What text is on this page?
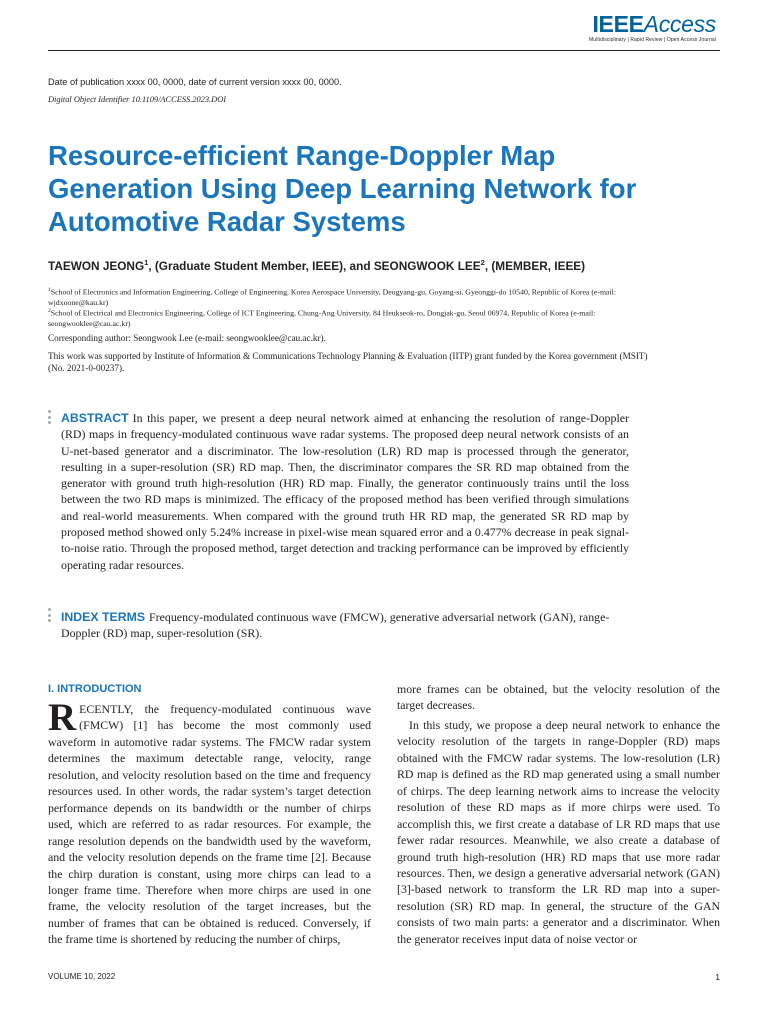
IEEEAccess
Multidisciplinary | Rapid Review | Open Access Journal
Date of publication xxxx 00, 0000, date of current version xxxx 00, 0000.
Digital Object Identifier 10.1109/ACCESS.2023.DOI
Resource-efficient Range-Doppler Map Generation Using Deep Learning Network for Automotive Radar Systems
TAEWON JEONG$^1$, (Graduate Student Member, IEEE), and SEONGWOOK LEE$^2$, (MEMBER, IEEE)
$^1$School of Electronics and Information Engineering, College of Engineering, Korea Aerospace University, Deogyang-gu, Goyang-si, Gyeonggi-do 10540, Republic of Korea (e-mail: wjdxoone@kau.kr)
$^2$School of Electrical and Electronics Engineering, College of ICT Engineering, Chung-Ang University, 84 Heukseok-ro, Dongjak-gu, Seoul 06974, Republic of Korea (e-mail: seongwooklee@cau.ac.kr)
Corresponding author: Seongwook Lee (e-mail: seongwooklee@cau.ac.kr).
This work was supported by Institute of Information & Communications Technology Planning & Evaluation (IITP) grant funded by the Korea government (MSIT) (No. 2021-0-00237).
ABSTRACT In this paper, we present a deep neural network aimed at enhancing the resolution of range-Doppler (RD) maps in frequency-modulated continuous wave radar systems. The proposed deep neural network consists of an U-net-based generator and a discriminator. The low-resolution (LR) RD map is processed through the generator, resulting in a super-resolution (SR) RD map. Then, the discriminator compares the SR RD map obtained from the generator with ground truth high-resolution (HR) RD map. Finally, the generator continuously trains until the loss between the two RD maps is minimized. The efficacy of the proposed method has been verified through simulations and real-world measurements. When compared with the ground truth HR RD map, the generated SR RD map by proposed method showed only 5.24% increase in pixel-wise mean squared error and a 0.477% decrease in peak signal-to-noise ratio. Through the proposed method, target detection and tracking performance can be improved by efficiently operating radar resources.
INDEX TERMS Frequency-modulated continuous wave (FMCW), generative adversarial network (GAN), range-Doppler (RD) map, super-resolution (SR).
I. INTRODUCTION

RECENTLY, the frequency-modulated continuous wave (FMCW) [1] has become the most commonly used waveform in automotive radar systems. The FMCW radar system determines the maximum detectable range, velocity, range resolution, and velocity resolution based on the time and frequency resources used. In other words, the radar system’s target detection performance depends on its bandwidth or the number of chirps used, which are referred to as radar resources. For example, the range resolution depends on the bandwidth used by the waveform, and the velocity resolution depends on the frame time [2]. Because the chirp duration is constant, using more chirps can lead to a longer frame time. Therefore when more chirps are used in one frame, the velocity resolution of the target increases, but the number of frames that can be obtained is reduced. Conversely, if the frame time is shortened by reducing the number of chirps,

more frames can be obtained, but the velocity resolution of the target decreases.

In this study, we propose a deep neural network to enhance the velocity resolution of the targets in range-Doppler (RD) maps obtained with the FMCW radar systems. The low-resolution (LR) RD map is defined as the RD map generated using a small number of chirps. The deep learning network aims to increase the velocity resolution of these RD maps as if more chirps were used. To accomplish this, we first create a database of LR RD maps that use fewer radar resources. Meanwhile, we also create a database of ground truth high-resolution (HR) RD maps that use more radar resources. Then, we design a generative adversarial network (GAN) [3]-based network to transform the LR RD map into a super-resolution (SR) RD map. In general, the structure of the GAN consists of two main parts: a generator and a discriminator. When the generator receives input data of noise vector or

VOLUME 10, 2022	1
